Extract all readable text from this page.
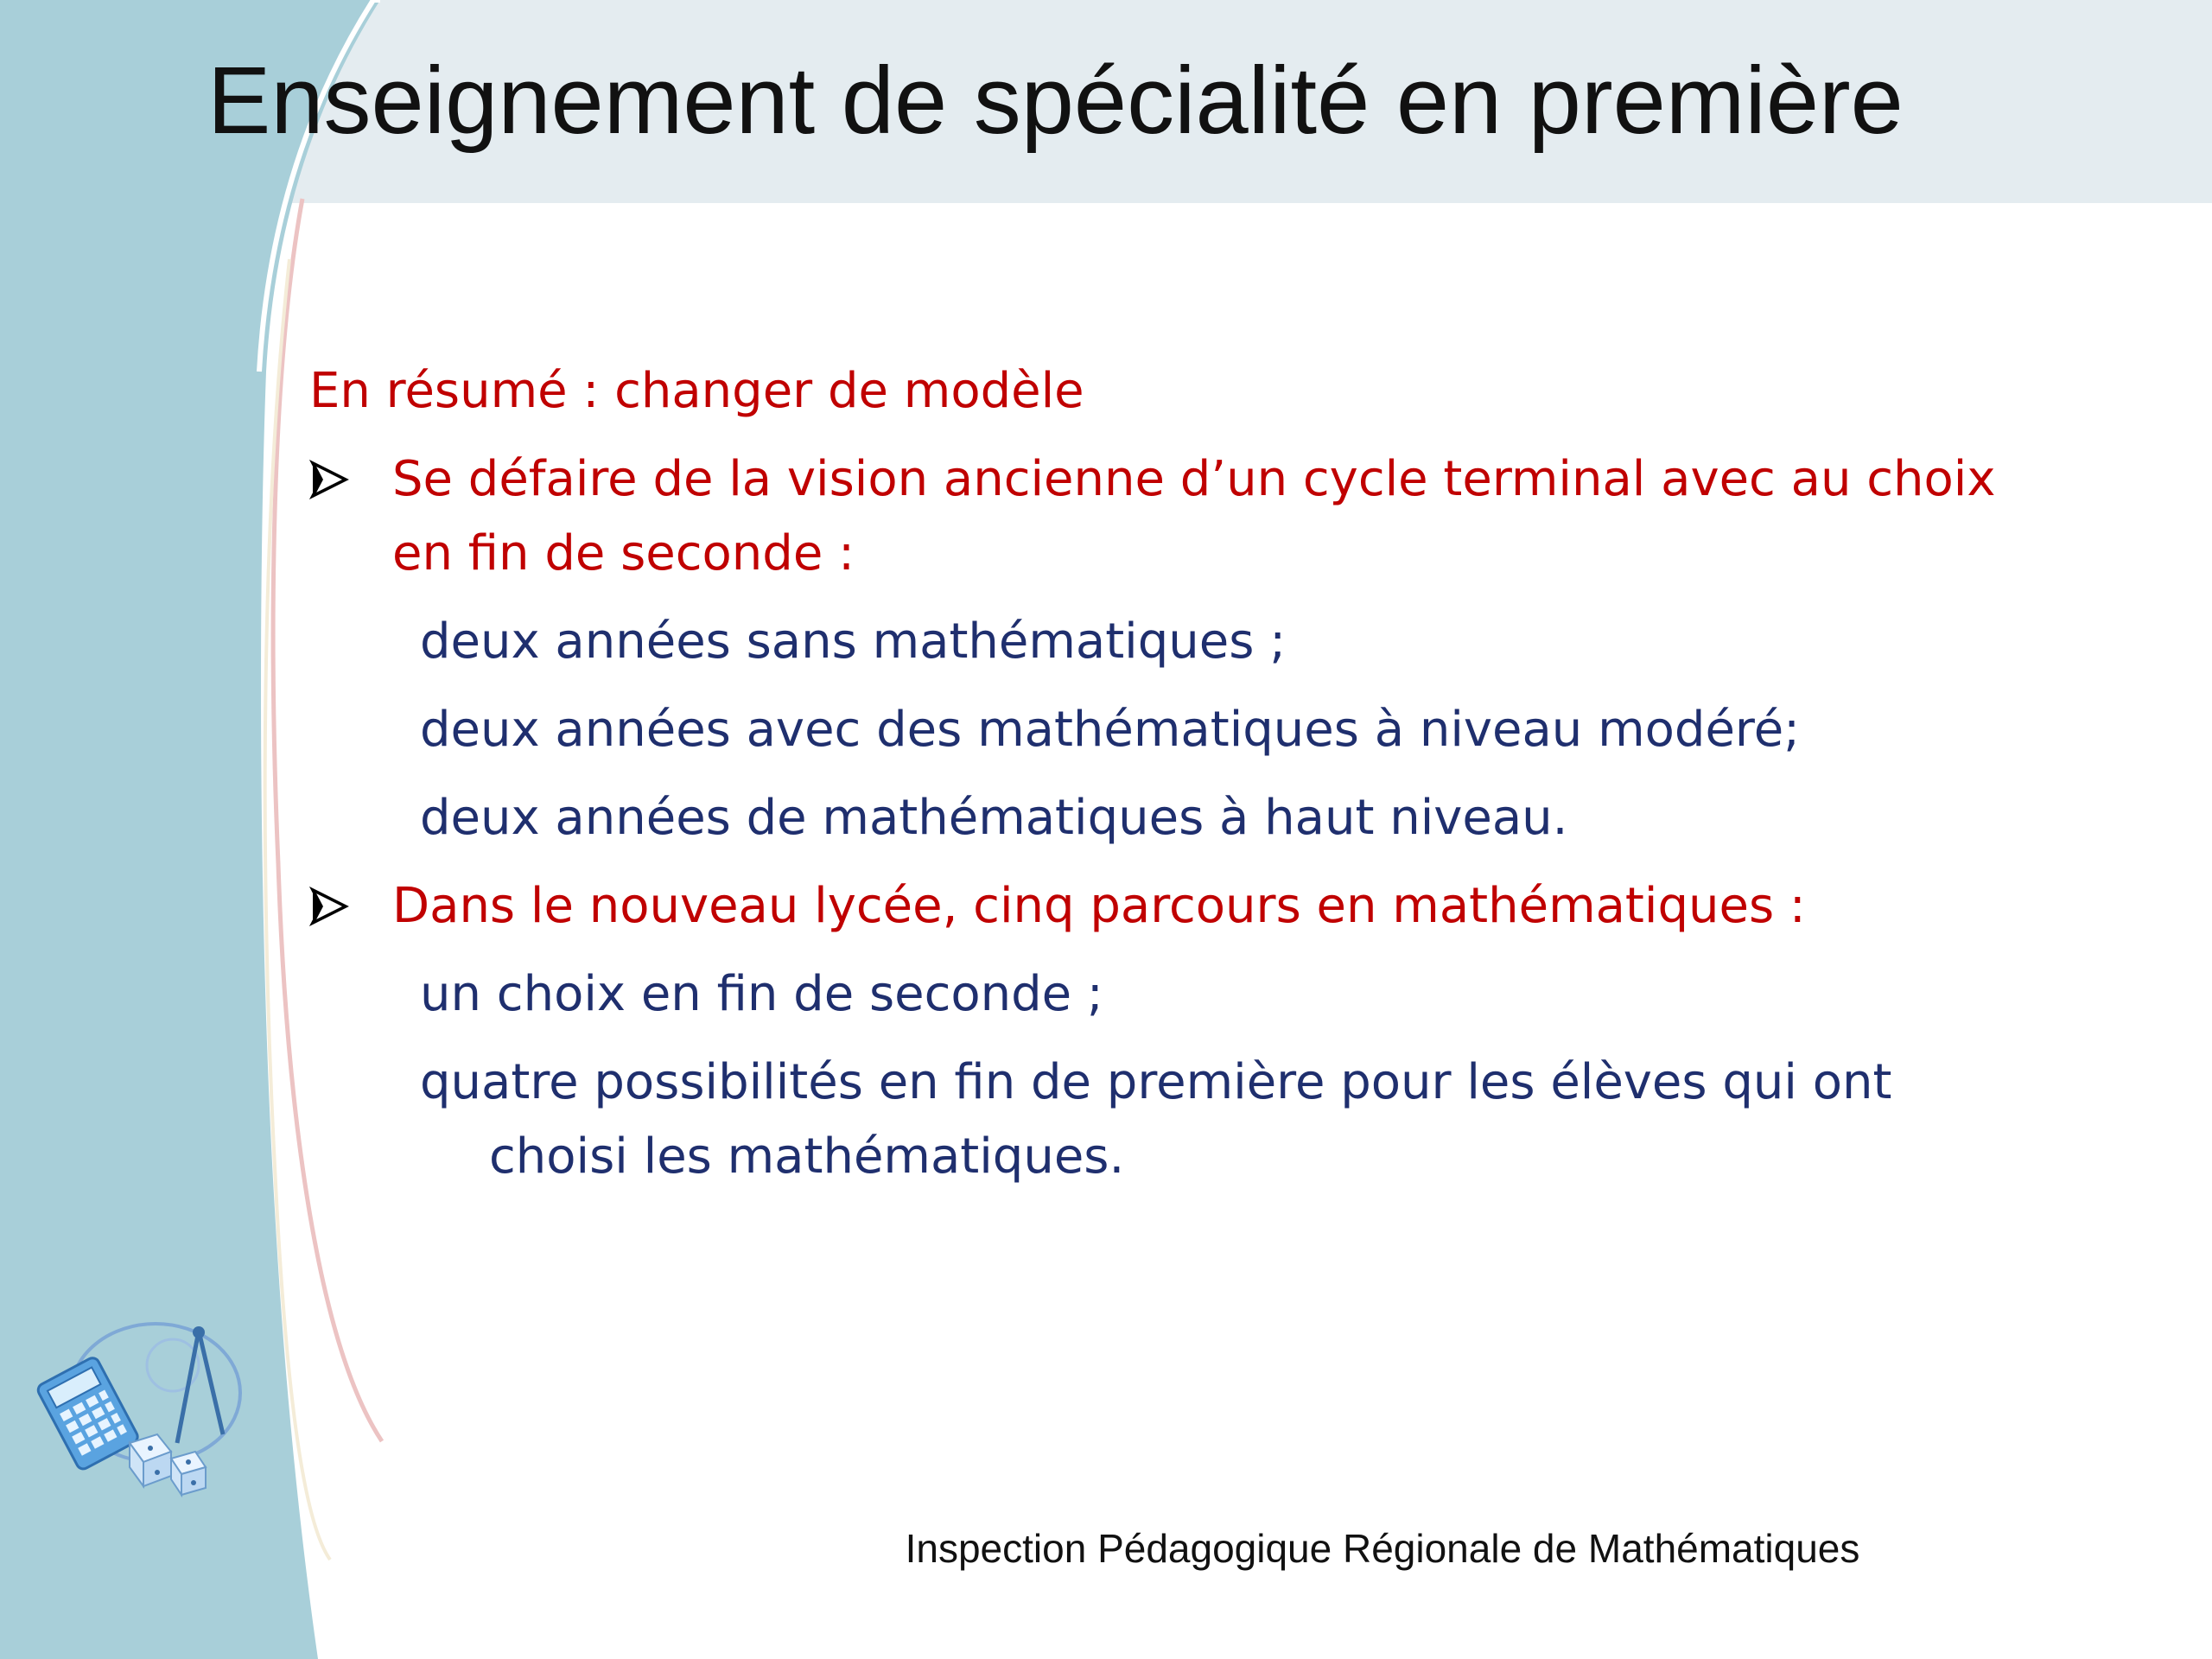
Enseignement de spécialité en première

En résumé : changer de modèle

Se défaire de la vision ancienne d’un cycle terminal avec au choix en fin de seconde :

deux années sans mathématiques ;

deux années avec des mathématiques à niveau modéré;

deux années de mathématiques à haut niveau.

Dans le nouveau lycée, cinq parcours en mathématiques :

un choix en fin de seconde ;

quatre possibilités en fin de première pour les élèves qui ont
choisi les mathématiques.

Inspection Pédagogique Régionale de Mathématiques
